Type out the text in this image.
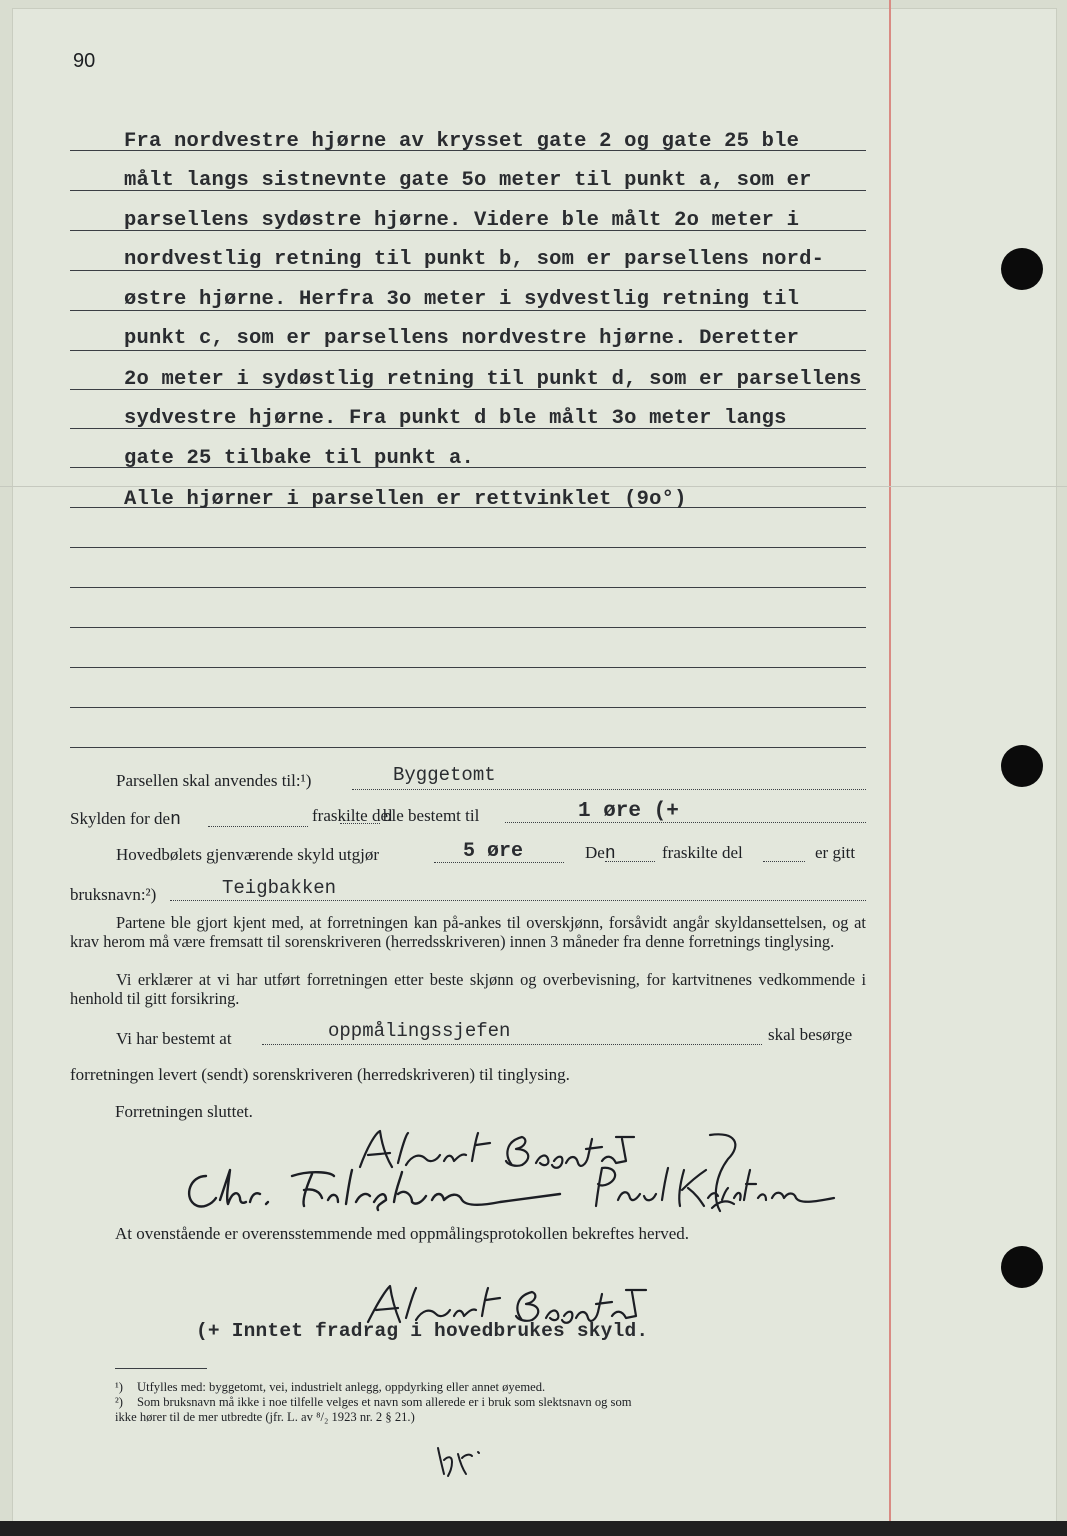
90
Fra nordvestre hjørne av krysset gate 2 og gate 25 ble
målt langs sistnevnte gate 5o meter til punkt a, som er
parsellens sydøstre hjørne. Videre ble målt 2o meter i
nordvestlig retning til punkt b, som er parsellens nord-
østre hjørne. Herfra 3o meter i sydvestlig retning til
punkt c, som er parsellens nordvestre hjørne. Deretter
2o meter i sydøstlig retning til punkt d, som er parsellens
sydvestre hjørne. Fra punkt d ble målt 3o meter langs
gate 25 tilbake til punkt a.
Alle hjørner i parsellen er rettvinklet (9o°)
Parsellen skal anvendes til:¹)	Byggetomt
Skylden for den	fraskilte del
ble bestemt til	1 øre (+
Hovedbølets gjenværende skyld utgjør	5 øre	Den	fraskilte del	er gitt
bruksnavn:²)	Teigbakken
Partene ble gjort kjent med, at forretningen kan på-ankes til overskjønn, forsåvidt angår skyldansettelsen, og at krav herom må være fremsatt til sorenskriveren (herredsskriveren) innen 3 måneder fra denne forretnings tinglysing.
Vi erklærer at vi har utført forretningen etter beste skjønn og overbevisning, for kartvitnenes vedkommende i henhold til gitt forsikring.
Vi har bestemt at	oppmålingssjefen	skal besørge
forretningen levert (sendt) sorenskriveren (herredskriveren) til tinglysing.
Forretningen sluttet.
At ovenstående er overensstemmende med oppmålingsprotokollen bekreftes herved.
(+ Inntet fradrag i hovedbrukes skyld.
¹) Utfylles med: byggetomt, vei, industrielt anlegg, oppdyrking eller annet øyemed.
²) Som bruksnavn må ikke i noe tilfelle velges et navn som allerede er i bruk som slektsnavn og som
ikke hører til de mer utbredte (jfr. L. av ⁸/₂ 1923 nr. 2 § 21.)
